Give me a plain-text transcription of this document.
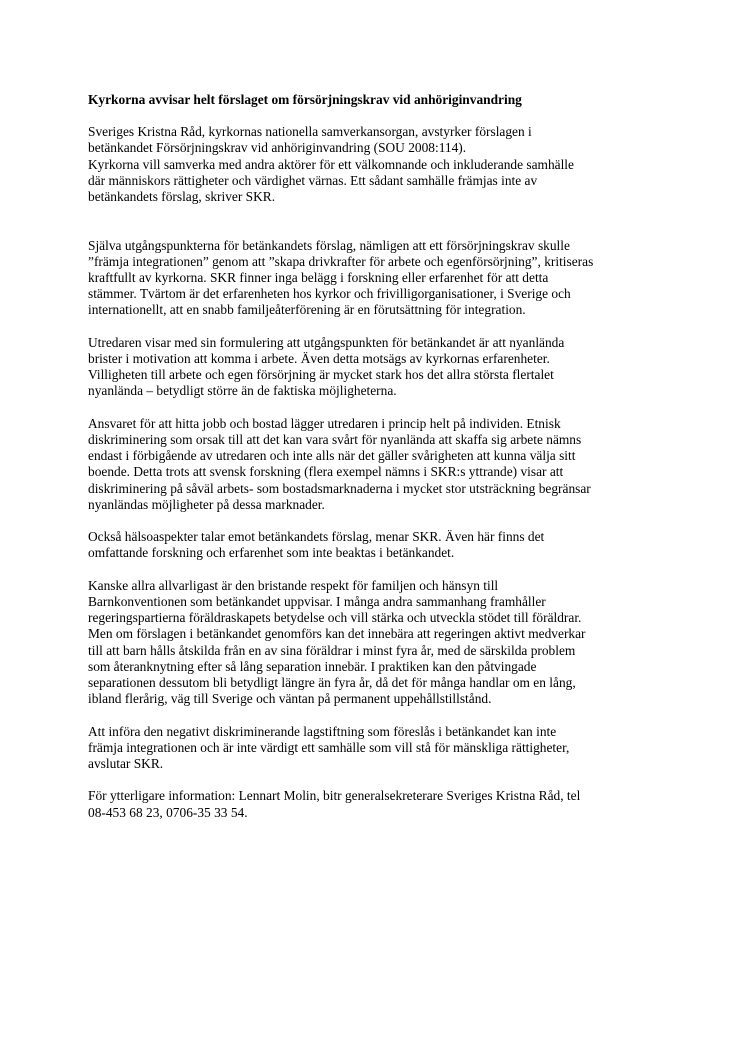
Kyrkorna avvisar helt förslaget om försörjningskrav vid anhöriginvandring
Sveriges Kristna Råd, kyrkornas nationella samverkansorgan, avstyrker förslagen i
betänkandet Försörjningskrav vid anhöriginvandring (SOU 2008:114).
Kyrkorna vill samverka med andra aktörer för ett välkomnande och inkluderande samhälle
där människors rättigheter och värdighet värnas. Ett sådant samhälle främjas inte av
betänkandets förslag, skriver SKR.
Själva utgångspunkterna för betänkandets förslag, nämligen att ett försörjningskrav skulle
”främja integrationen” genom att ”skapa drivkrafter för arbete och egenförsörjning”, kritiseras
kraftfullt av kyrkorna. SKR finner inga belägg i forskning eller erfarenhet för att detta
stämmer. Tvärtom är det erfarenheten hos kyrkor och frivilligorganisationer, i Sverige och
internationellt, att en snabb familjeåterförening är en förutsättning för integration.
Utredaren visar med sin formulering att utgångspunkten för betänkandet är att nyanlända
brister i motivation att komma i arbete. Även detta motsägs av kyrkornas erfarenheter.
Villigheten till arbete och egen försörjning är mycket stark hos det allra största flertalet
nyanlända – betydligt större än de faktiska möjligheterna.
Ansvaret för att hitta jobb och bostad lägger utredaren i princip helt på individen. Etnisk
diskriminering som orsak till att det kan vara svårt för nyanlända att skaffa sig arbete nämns
endast i förbigående av utredaren och inte alls när det gäller svårigheten att kunna välja sitt
boende. Detta trots att svensk forskning (flera exempel nämns i SKR:s yttrande) visar att
diskriminering på såväl arbets- som bostadsmarknaderna i mycket stor utsträckning begränsar
nyanländas möjligheter på dessa marknader.
Också hälsoaspekter talar emot betänkandets förslag, menar SKR. Även här finns det
omfattande forskning och erfarenhet som inte beaktas i betänkandet.
Kanske allra allvarligast är den bristande respekt för familjen och hänsyn till
Barnkonventionen som betänkandet uppvisar. I många andra sammanhang framhåller
regeringspartierna föräldraskapets betydelse och vill stärka och utveckla stödet till föräldrar.
Men om förslagen i betänkandet genomförs kan det innebära att regeringen aktivt medverkar
till att barn hålls åtskilda från en av sina föräldrar i minst fyra år, med de särskilda problem
som återanknytning efter så lång separation innebär. I praktiken kan den påtvingade
separationen dessutom bli betydligt längre än fyra år, då det för många handlar om en lång,
ibland flerårig, väg till Sverige och väntan på permanent uppehållstillstånd.
Att införa den negativt diskriminerande lagstiftning som föreslås i betänkandet kan inte
främja integrationen och är inte värdigt ett samhälle som vill stå för mänskliga rättigheter,
avslutar SKR.
För ytterligare information: Lennart Molin, bitr generalsekreterare Sveriges Kristna Råd, tel
08-453 68 23, 0706-35 33 54.
